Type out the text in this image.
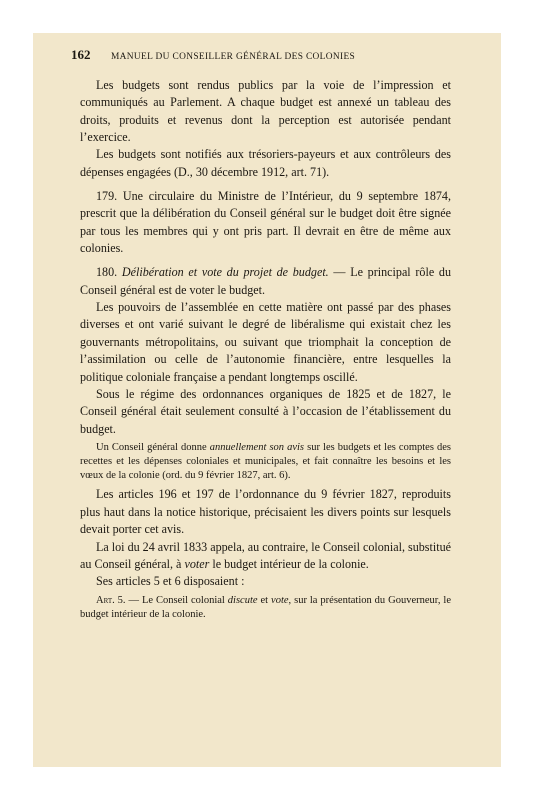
162	MANUEL DU CONSEILLER GÉNÉRAL DES COLONIES

Les budgets sont rendus publics par la voie de l’impression et communiqués au Parlement. A chaque budget est annexé un tableau des droits, produits et revenus dont la perception est autorisée pendant l’exercice.

Les budgets sont notifiés aux trésoriers-payeurs et aux contrôleurs des dépenses engagées (D., 30 décembre 1912, art. 71).

179. Une circulaire du Ministre de l’Intérieur, du 9 septembre 1874, prescrit que la délibération du Conseil général sur le budget doit être signée par tous les membres qui y ont pris part. Il devrait en être de même aux colonies.

180. Délibération et vote du projet de budget. — Le principal rôle du Conseil général est de voter le budget.

Les pouvoirs de l’assemblée en cette matière ont passé par des phases diverses et ont varié suivant le degré de libéralisme qui existait chez les gouvernants métropolitains, ou suivant que triomphait la conception de l’assimilation ou celle de l’autonomie financière, entre lesquelles la politique coloniale française a pendant longtemps oscillé.

Sous le régime des ordonnances organiques de 1825 et de 1827, le Conseil général était seulement consulté à l’occasion de l’établissement du budget.

Un Conseil général donne annuellement son avis sur les budgets et les comptes des recettes et les dépenses coloniales et municipales, et fait connaître les besoins et les vœux de la colonie (ord. du 9 février 1827, art. 6).

Les articles 196 et 197 de l’ordonnance du 9 février 1827, reproduits plus haut dans la notice historique, précisaient les divers points sur lesquels devait porter cet avis.

La loi du 24 avril 1833 appela, au contraire, le Conseil colonial, substitué au Conseil général, à voter le budget intérieur de la colonie.

Ses articles 5 et 6 disposaient :

Art. 5. — Le Conseil colonial discute et vote, sur la présentation du Gouverneur, le budget intérieur de la colonie.
